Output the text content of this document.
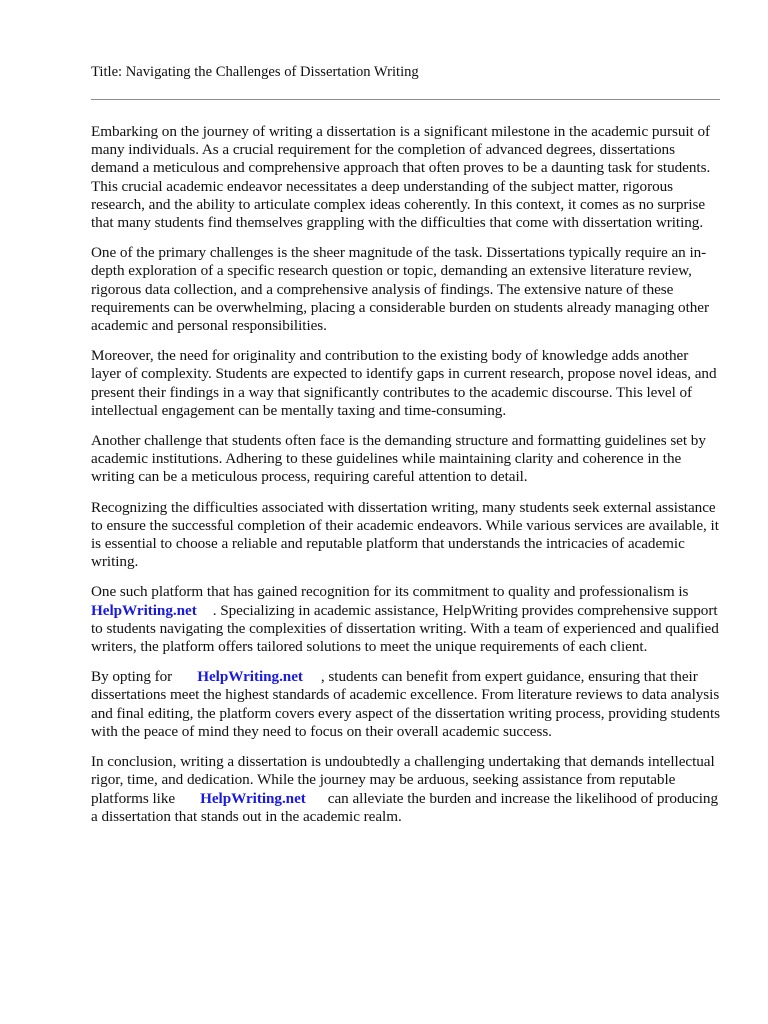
Title: Navigating the Challenges of Dissertation Writing

Embarking on the journey of writing a dissertation is a significant milestone in the academic pursuit of many individuals. As a crucial requirement for the completion of advanced degrees, dissertations demand a meticulous and comprehensive approach that often proves to be a daunting task for students. This crucial academic endeavor necessitates a deep understanding of the subject matter, rigorous research, and the ability to articulate complex ideas coherently. In this context, it comes as no surprise that many students find themselves grappling with the difficulties that come with dissertation writing.

One of the primary challenges is the sheer magnitude of the task. Dissertations typically require an in-depth exploration of a specific research question or topic, demanding an extensive literature review, rigorous data collection, and a comprehensive analysis of findings. The extensive nature of these requirements can be overwhelming, placing a considerable burden on students already managing other academic and personal responsibilities.

Moreover, the need for originality and contribution to the existing body of knowledge adds another layer of complexity. Students are expected to identify gaps in current research, propose novel ideas, and present their findings in a way that significantly contributes to the academic discourse. This level of intellectual engagement can be mentally taxing and time-consuming.

Another challenge that students often face is the demanding structure and formatting guidelines set by academic institutions. Adhering to these guidelines while maintaining clarity and coherence in the writing can be a meticulous process, requiring careful attention to detail.

Recognizing the difficulties associated with dissertation writing, many students seek external assistance to ensure the successful completion of their academic endeavors. While various services are available, it is essential to choose a reliable and reputable platform that understands the intricacies of academic writing.

One such platform that has gained recognition for its commitment to quality and professionalism isHelpWriting.net . Specializing in academic assistance, HelpWriting provides comprehensive support to students navigating the complexities of dissertation writing. With a team of experienced and qualified writers, the platform offers tailored solutions to meet the unique requirements of each client.

By opting for HelpWriting.net , students can benefit from expert guidance, ensuring that their dissertations meet the highest standards of academic excellence. From literature reviews to data analysis and final editing, the platform covers every aspect of the dissertation writing process, providing students with the peace of mind they need to focus on their overall academic success.

In conclusion, writing a dissertation is undoubtedly a challenging undertaking that demands intellectual rigor, time, and dedication. While the journey may be arduous, seeking assistance from reputable platforms like HelpWriting.net can alleviate the burden and increase the likelihood of producing a dissertation that stands out in the academic realm.
